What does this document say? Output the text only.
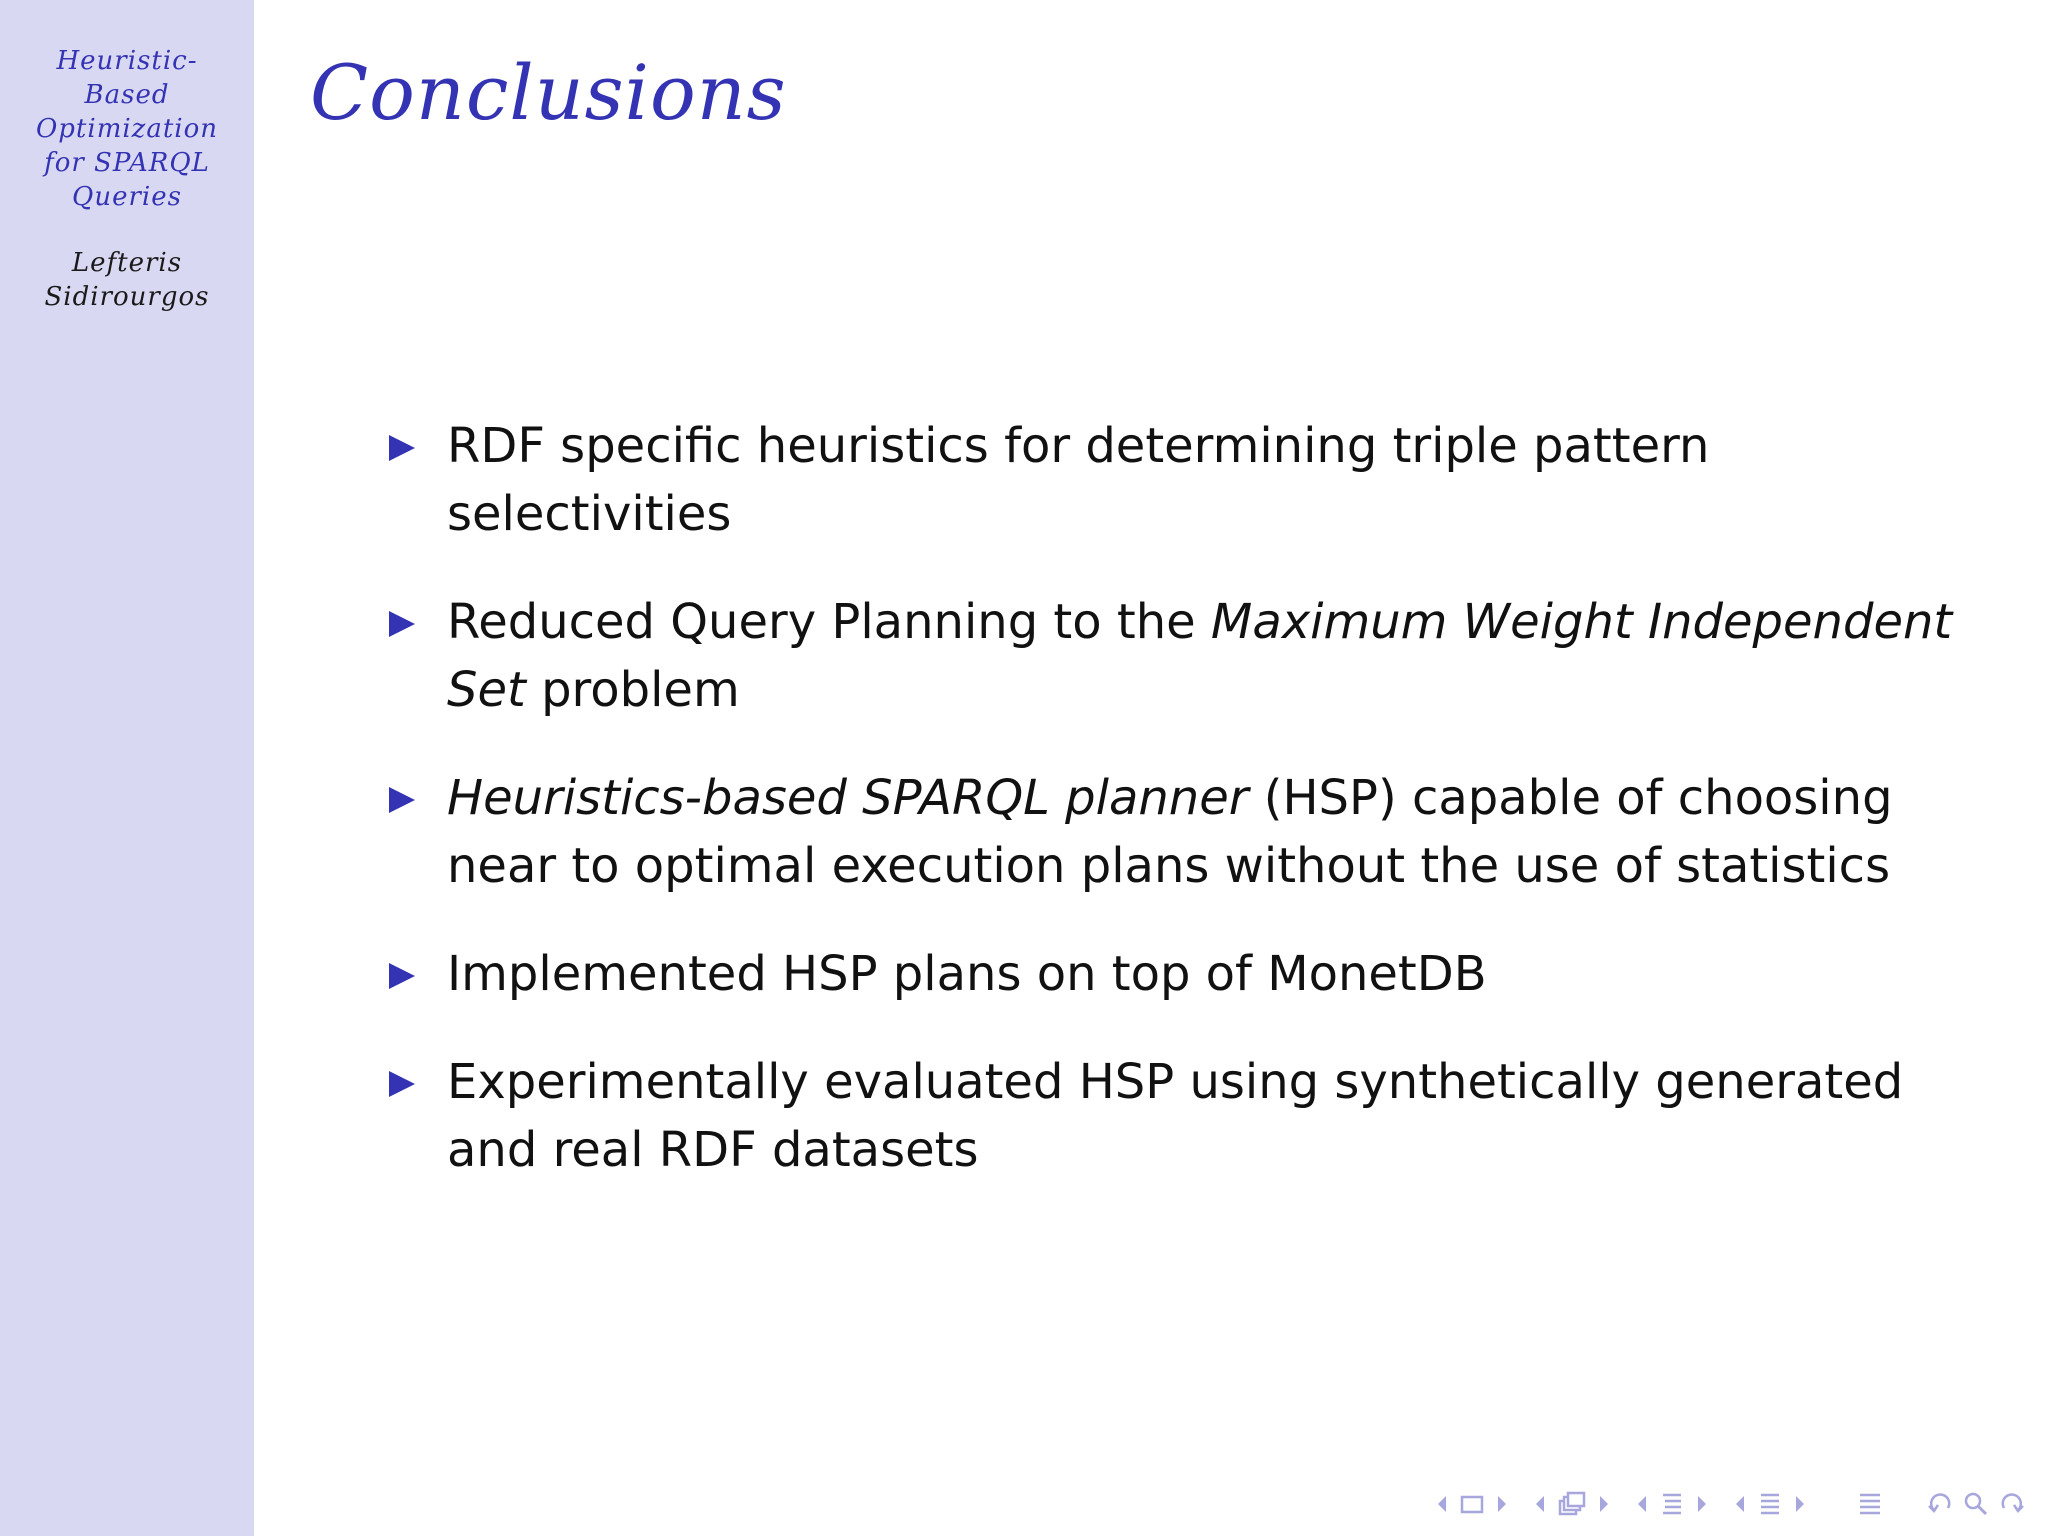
Heuristic-
Based
Optimization
for SPARQL
Queries
Lefteris
Sidirourgos
Conclusions
RDF specific heuristics for determining triple pattern selectivities
Reduced Query Planning to the Maximum Weight Independent Set problem
Heuristics-based SPARQL planner (HSP) capable of choosing near to optimal execution plans without the use of statistics
Implemented HSP plans on top of MonetDB
Experimentally evaluated HSP using synthetically generated and real RDF datasets
